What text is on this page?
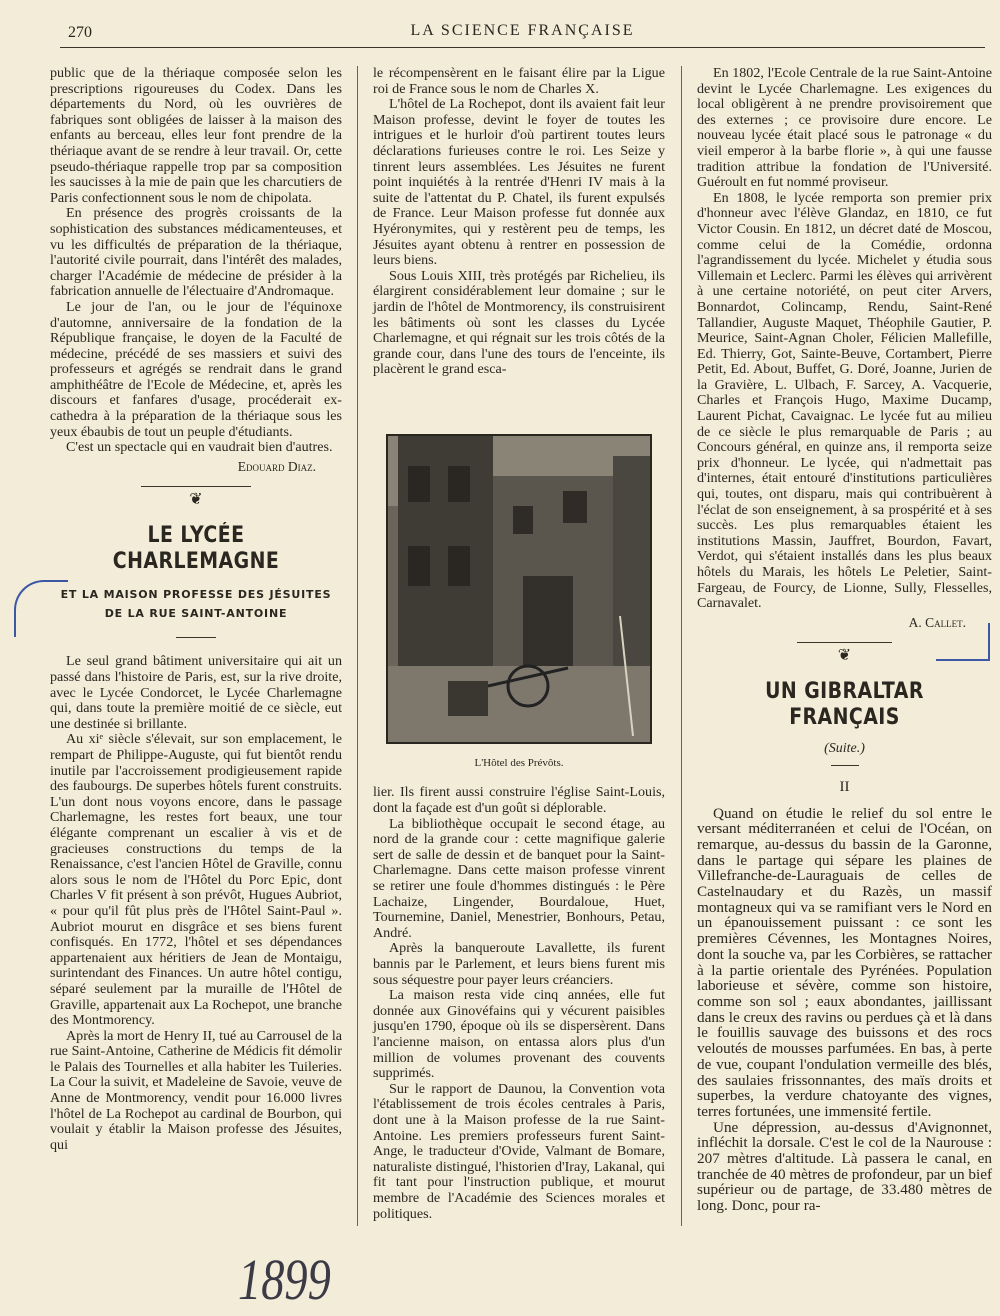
270	LA SCIENCE FRANÇAISE

public que de la thériaque composée selon les prescriptions rigoureuses du Codex. Dans les départements du Nord, où les ouvrières de fabriques sont obligées de laisser à la maison des enfants au berceau, elles leur font prendre de la thériaque avant de se rendre à leur travail. Or, cette pseudo-thériaque rappelle trop par sa composition les saucisses à la mie de pain que les charcutiers de Paris confectionnent sous le nom de chipolata.

En présence des progrès croissants de la sophistication des substances médicamenteuses, et vu les difficultés de préparation de la thériaque, l'autorité civile pourrait, dans l'intérêt des malades, charger l'Académie de médecine de présider à la fabrication annuelle de l'électuaire d'Andromaque.

Le jour de l'an, ou le jour de l'équinoxe d'automne, anniversaire de la fondation de la République française, le doyen de la Faculté de médecine, précédé de ses massiers et suivi des professeurs et agrégés se rendrait dans le grand amphithéâtre de l'Ecole de Médecine, et, après les discours et fanfares d'usage, procéderait ex-cathedra à la préparation de la thériaque sous les yeux ébaubis de tout un peuple d'étudiants.

C'est un spectacle qui en vaudrait bien d'autres.

Edouard Diaz.
❦
LE LYCÉE CHARLEMAGNE
ET LA MAISON PROFESSE DES JÉSUITES
DE LA RUE SAINT-ANTOINE

Le seul grand bâtiment universitaire qui ait un passé dans l'histoire de Paris, est, sur la rive droite, avec le Lycée Condorcet, le Lycée Charlemagne qui, dans toute la première moitié de ce siècle, eut une destinée si brillante.

Au xiᵉ siècle s'élevait, sur son emplacement, le rempart de Philippe-Auguste, qui fut bientôt rendu inutile par l'accroissement prodigieusement rapide des faubourgs. De superbes hôtels furent construits. L'un dont nous voyons encore, dans le passage Charlemagne, les restes fort beaux, une tour élégante comprenant un escalier à vis et de gracieuses constructions du temps de la Renaissance, c'est l'ancien Hôtel de Graville, connu alors sous le nom de l'Hôtel du Porc Epic, dont Charles V fit présent à son prévôt, Hugues Aubriot, « pour qu'il fût plus près de l'Hôtel Saint-Paul ». Aubriot mourut en disgrâce et ses biens furent confisqués. En 1772, l'hôtel et ses dépendances appartenaient aux héritiers de Jean de Montaigu, surintendant des Finances. Un autre hôtel contigu, séparé seulement par la muraille de l'Hôtel de Graville, appartenait aux La Rochepot, une branche des Montmorency.

Après la mort de Henry II, tué au Carrousel de la rue Saint-Antoine, Catherine de Médicis fit démolir le Palais des Tournelles et alla habiter les Tuileries. La Cour la suivit, et Madeleine de Savoie, veuve de Anne de Montmorency, vendit pour 16.000 livres l'hôtel de La Rochepot au cardinal de Bourbon, qui voulait y établir la Maison professe des Jésuites, qui

le récompensèrent en le faisant élire par la Ligue roi de France sous le nom de Charles X.

L'hôtel de La Rochepot, dont ils avaient fait leur Maison professe, devint le foyer de toutes les intrigues et le hurloir d'où partirent toutes leurs déclarations furieuses contre le roi. Les Seize y tinrent leurs assemblées. Les Jésuites ne furent point inquiétés à la rentrée d'Henri IV mais à la suite de l'attentat du P. Chatel, ils furent expulsés de France. Leur Maison professe fut donnée aux Hyéronymites, qui y restèrent peu de temps, les Jésuites ayant obtenu à rentrer en possession de leurs biens.

Sous Louis XIII, très protégés par Richelieu, ils élargirent considérablement leur domaine ; sur le jardin de l'hôtel de Montmorency, ils construisirent les bâtiments où sont les classes du Lycée Charlemagne, et qui régnait sur les trois côtés de la grande cour, dans l'une des tours de l'enceinte, ils placèrent le grand esca-

L'Hôtel des Prévôts.

lier. Ils firent aussi construire l'église Saint-Louis, dont la façade est d'un goût si déplorable.

La bibliothèque occupait le second étage, au nord de la grande cour : cette magnifique galerie sert de salle de dessin et de banquet pour la Saint-Charlemagne. Dans cette maison professe vinrent se retirer une foule d'hommes distingués : le Père Lachaize, Lingender, Bourdaloue, Huet, Tournemine, Daniel, Menestrier, Bonhours, Petau, André.

Après la banqueroute Lavallette, ils furent bannis par le Parlement, et leurs biens furent mis sous séquestre pour payer leurs créanciers.

La maison resta vide cinq années, elle fut donnée aux Ginovéfains qui y vécurent paisibles jusqu'en 1790, époque où ils se dispersèrent. Dans l'ancienne maison, on entassa alors plus d'un million de volumes provenant des couvents supprimés.

Sur le rapport de Daunou, la Convention vota l'établissement de trois écoles centrales à Paris, dont une à la Maison professe de la rue Saint-Antoine. Les premiers professeurs furent Saint-Ange, le traducteur d'Ovide, Valmant de Bomare, naturaliste distingué, l'historien d'Iray, Lakanal, qui fit tant pour l'instruction publique, et mourut membre de l'Académie des Sciences morales et politiques.

En 1802, l'Ecole Centrale de la rue Saint-Antoine devint le Lycée Charlemagne. Les exigences du local obligèrent à ne prendre provisoirement que des externes ; ce provisoire dure encore. Le nouveau lycée était placé sous le patronage « du vieil emperor à la barbe florie », à qui une fausse tradition attribue la fondation de l'Université. Guéroult en fut nommé proviseur.

En 1808, le lycée remporta son premier prix d'honneur avec l'élève Glandaz, en 1810, ce fut Victor Cousin. En 1812, un décret daté de Moscou, comme celui de la Comédie, ordonna l'agrandissement du lycée. Michelet y étudia sous Villemain et Leclerc. Parmi les élèves qui arrivèrent à une certaine notoriété, on peut citer Arvers, Bonnardot, Colincamp, Rendu, Saint-René Tallandier, Auguste Maquet, Théophile Gautier, P. Meurice, Saint-Agnan Choler, Félicien Mallefille, Ed. Thierry, Got, Sainte-Beuve, Cortambert, Pierre Petit, Ed. About, Buffet, G. Doré, Joanne, Jurien de la Gravière, L. Ulbach, F. Sarcey, A. Vacquerie, Charles et François Hugo, Maxime Ducamp, Laurent Pichat, Cavaignac. Le lycée fut au milieu de ce siècle le plus remarquable de Paris ; au Concours général, en quinze ans, il remporta seize prix d'honneur. Le lycée, qui n'admettait pas d'internes, était entouré d'institutions particulières qui, toutes, ont disparu, mais qui contribuèrent à l'éclat de son enseignement, à sa prospérité et à ses succès. Les plus remarquables étaient les institutions Massin, Jauffret, Bourdon, Favart, Verdot, qui s'étaient installés dans les plus beaux hôtels du Marais, les hôtels Le Peletier, Saint-Fargeau, de Fourcy, de Lionne, Sully, Flesselles, Carnavalet.

A. Callet.
❦
UN GIBRALTAR FRANÇAIS
(Suite.)
II

Quand on étudie le relief du sol entre le versant méditerranéen et celui de l'Océan, on remarque, au-dessus du bassin de la Garonne, dans le partage qui sépare les plaines de Villefranche-de-Lauraguais de celles de Castelnaudary et du Razès, un massif montagneux qui va se ramifiant vers le Nord en un épanouissement puissant : ce sont les premières Cévennes, les Montagnes Noires, dont la souche va, par les Corbières, se rattacher à la partie orientale des Pyrénées. Population laborieuse et sévère, comme son histoire, comme son sol ; eaux abondantes, jaillissant dans le creux des ravins ou perdues çà et là dans le fouillis sauvage des buissons et des rocs veloutés de mousses parfumées. En bas, à perte de vue, coupant l'ondulation vermeille des blés, des saulaies frissonnantes, des maïs droits et superbes, la verdure chatoyante des vignes, terres fortunées, une immensité fertile.

Une dépression, au-dessus d'Avignonnet, infléchit la dorsale. C'est le col de la Naurouse : 207 mètres d'altitude. Là passera le canal, en tranchée de 40 mètres de profondeur, par un bief supérieur ou de partage, de 33.480 mètres de long. Donc, pour ra-

1899
